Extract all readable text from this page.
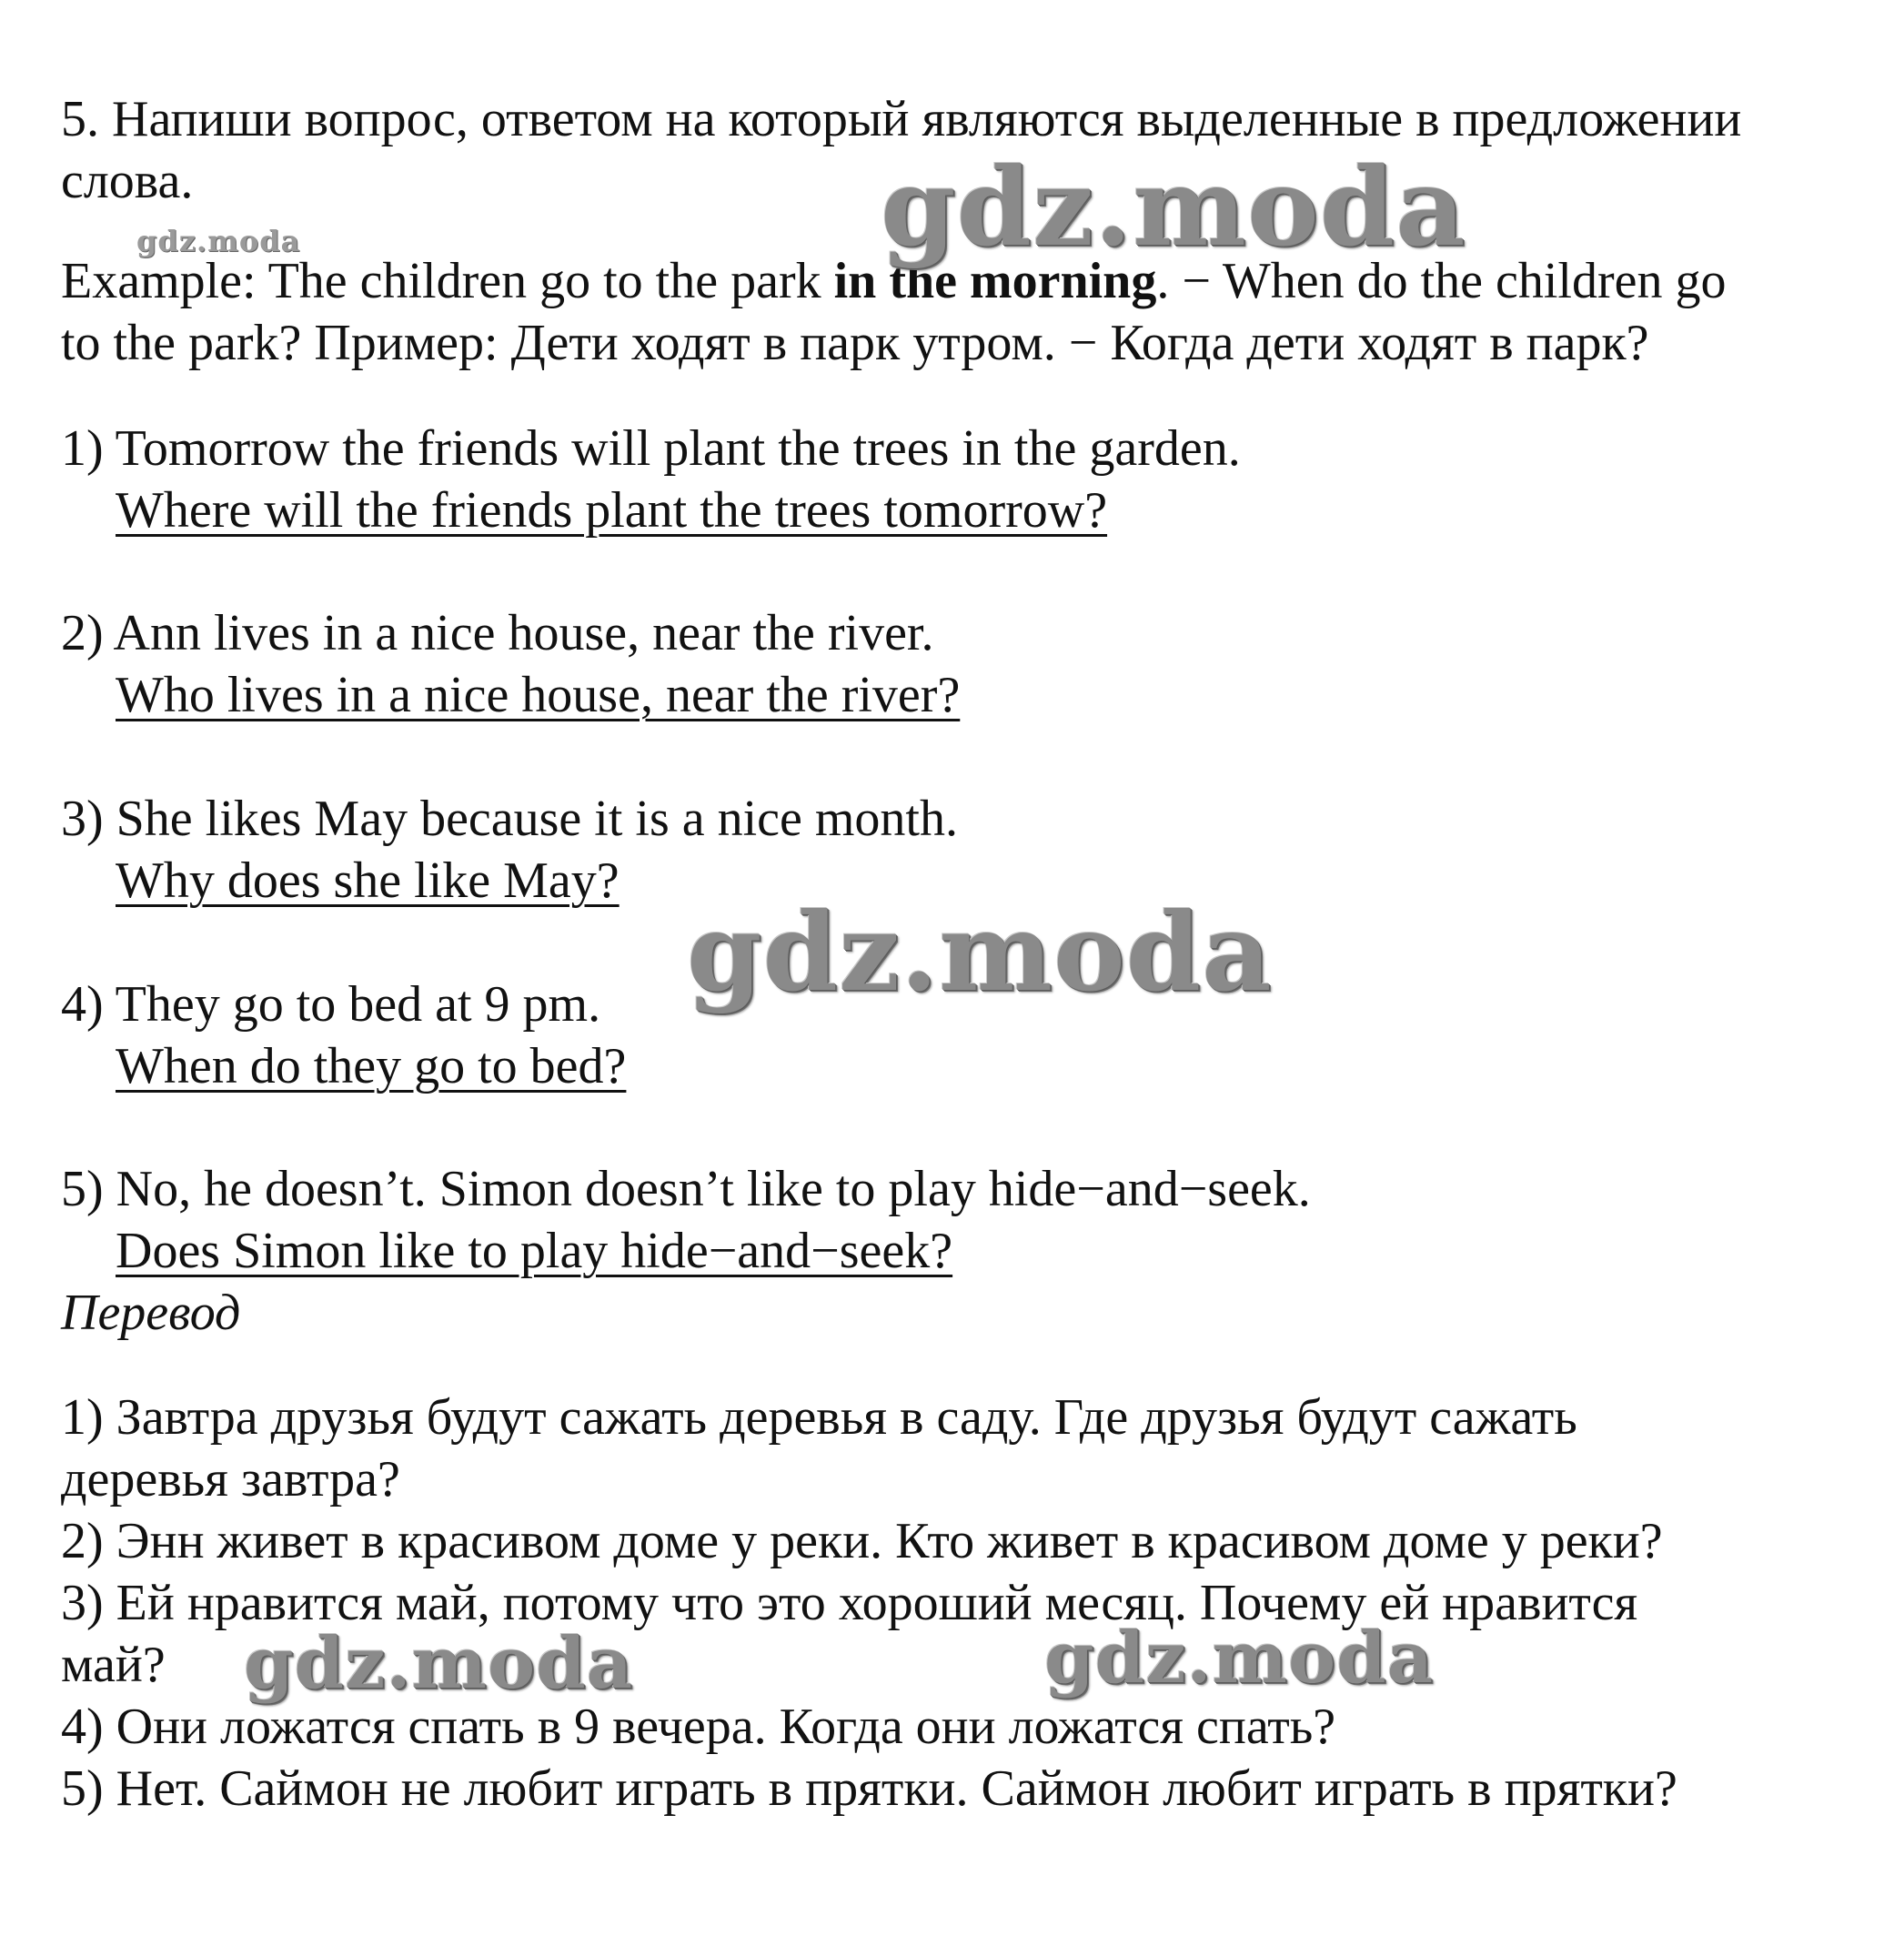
5. Напиши вопрос, ответом на который являются выделенные в предложении
слова.
Example: The children go to the park in the morning. − When do the children go
to the park? Пример: Дети ходят в парк утром. − Когда дети ходят в парк?
1) Tomorrow the friends will plant the trees in the garden.
Where will the friends plant the trees tomorrow?
2) Ann lives in a nice house, near the river.
Who lives in a nice house, near the river?
3) She likes May because it is a nice month.
Why does she like May?
4) They go to bed at 9 pm.
When do they go to bed?
5) No, he doesn’t. Simon doesn’t like to play hide−and−seek.
Does Simon like to play hide−and−seek?
Перевод
1) Завтра друзья будут сажать деревья в саду. Где друзья будут сажать
деревья завтра?
2) Энн живет в красивом доме у реки. Кто живет в красивом доме у реки?
3) Ей нравится май, потому что это хороший месяц. Почему ей нравится
май?
4) Они ложатся спать в 9 вечера. Когда они ложатся спать?
5) Нет. Саймон не любит играть в прятки. Саймон любит играть в прятки?
gdz.moda	gdz.moda
gdz.moda
gdz.moda	gdz.moda
